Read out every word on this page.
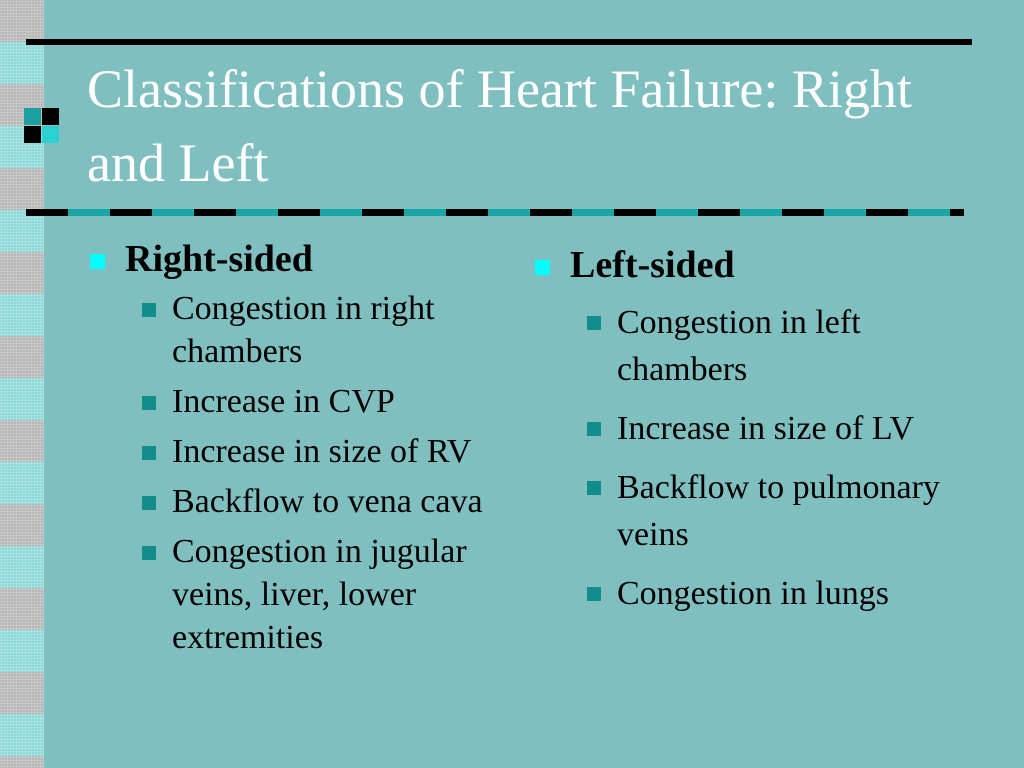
Classifications of Heart Failure: Right and Left
Right-sided
Congestion in right chambers
Increase in CVP
Increase in size of RV
Backflow to vena cava
Congestion in jugular veins, liver, lower extremities
Left-sided
Congestion in left chambers
Increase in size of LV
Backflow to pulmonary veins
Congestion in lungs
